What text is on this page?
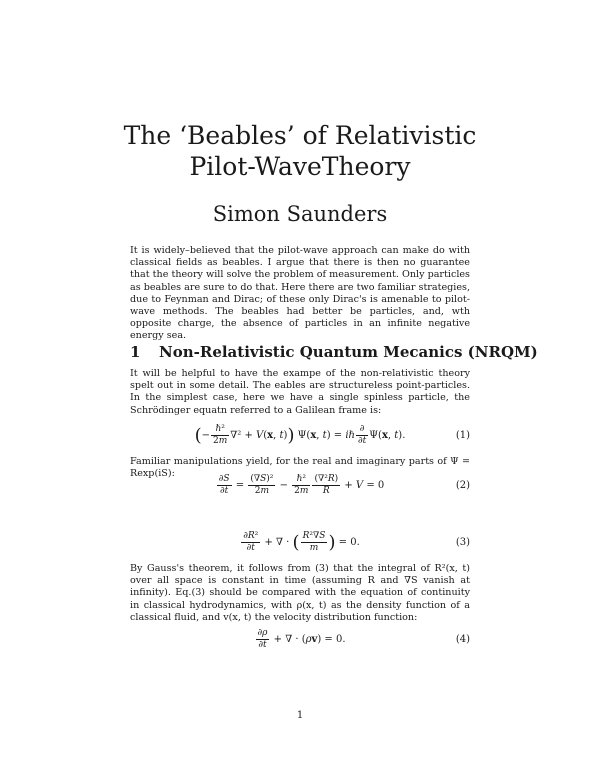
The ‘Beables’ of Relativistic
Pilot-WaveTheory
Simon Saunders
It is widely–believed that the pilot-wave approach can make do with classical fields as beables. I argue that there is then no guarantee that the theory will solve the problem of measurement. Only particles as beables are sure to do that. Here there are two familiar strategies, due to Feynman and Dirac; of these only Dirac's is amenable to pilot-wave methods. The beables had better be particles, and, wth opposite charge, the absence of particles in an infinite negative energy sea.
1 Non-Relativistic Quantum Mecanics (NRQM)
It will be helpful to have the exampe of the non-relativistic theory spelt out in some detail. The eables are structureless point-particles. In the simplest case, here we have a single spinless particle, the Schrödinger equatn referred to a Galilean frame is:
(− $\frac{\text{ℏ²}}{2m} \nabla^2 + V(x$, t)) Ψ(x, t) = iℏ $\frac{\partial}{\partial t} \Psi(x$, t).	(1)
Familiar manipulations yield, for the real and imaginary parts of Ψ = Rexp(iS):
$\frac{\partial S}{\partial t} = \frac{\text{(∇S)²}}{2m} - \frac{\text{ℏ²}}{2m} \frac{\text{(∇²R)}}{R} + V = 0$	(2)
$\frac{\text{∂R²}}{\partial t}$ + ∇ · ( $\frac{\text{R²∇S}}{m}$ ) = 0.	(3)
By Gauss's theorem, it follows from (3) that the integral of R²(x, t) over all space is constant in time (assuming R and ∇S vanish at infinity). Eq.(3) should be compared with the equation of continuity in classical hydrodynamics, with ρ(x, t) as the density function of a classical fluid, and v(x, t) the velocity distribution function:
$\frac{\partial\rho}{\partial t}$ + ∇ · (ρv) = 0.	(4)
1
